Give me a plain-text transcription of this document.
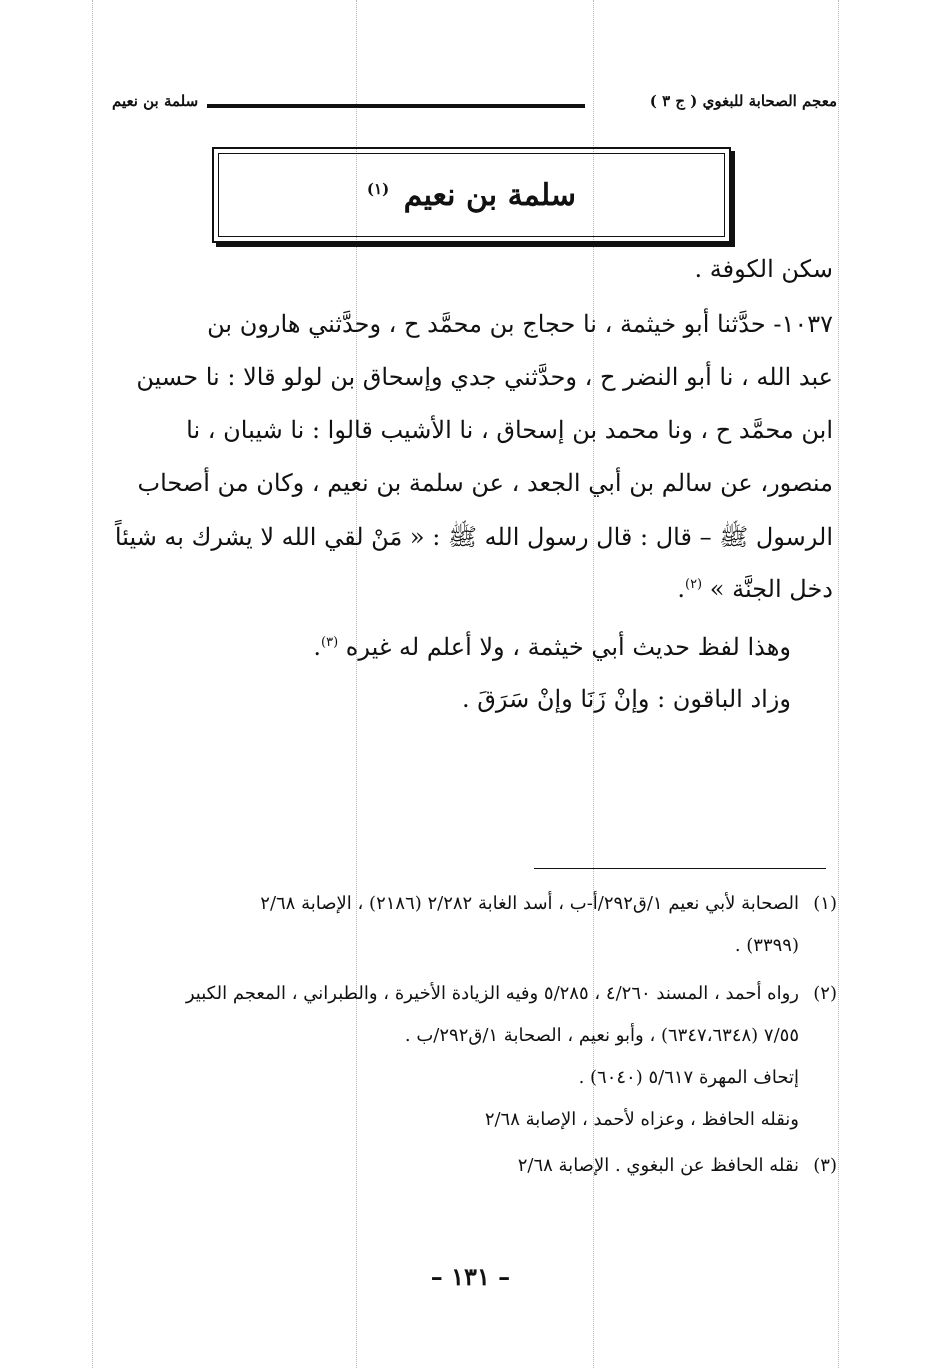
معجم الصحابة للبغوي ( ج ٣ )
سلمة بن نعيم
سلمة بن نعيم $^{(١)}$
سكن الكوفة .
١٠٣٧- حدَّثنا أبو خيثمة ، نا حجاج بن محمَّد ح ، وحدَّثني هارون بن
عبد الله ، نا أبو النضر ح ، وحدَّثني جدي وإسحاق بن لولو قالا : نا حسين
ابن محمَّد ح ، ونا محمد بن إسحاق ، نا الأشيب قالوا : نا شيبان ، نا
منصور، عن سالم بن أبي الجعد ، عن سلمة بن نعيم ، وكان من أصحاب
الرسول ﷺ – قال : قال رسول الله ﷺ : « مَنْ لقي الله لا يشرك به شيئاً
دخل الجنَّة » $^{(٢)}$.
وهذا لفظ حديث أبي خيثمة ، ولا أعلم له غيره $^{(٣)}$.
وزاد الباقون : وإنْ زَنَا وإنْ سَرَقَ .
(١)الصحابة لأبي نعيم ١/ق٢٩٢/أ-ب ، أسد الغابة ٢/٢٨٢ (٢١٨٦) ، الإصابة ٢/٦٨
(٣٣٩٩) .
(٢)رواه أحمد ، المسند ٤/٢٦٠ ، ٥/٢٨٥ وفيه الزيادة الأخيرة ، والطبراني ، المعجم الكبير
٧/٥٥ (٦٣٤٧،٦٣٤٨) ، وأبو نعيم ، الصحابة ١/ق٢٩٢/ب .
إتحاف المهرة ٥/٦١٧ (٦٠٤٠) .
ونقله الحافظ ، وعزاه لأحمد ، الإصابة ٢/٦٨
(٣)نقله الحافظ عن البغوي . الإصابة ٢/٦٨
– ١٣١ –
